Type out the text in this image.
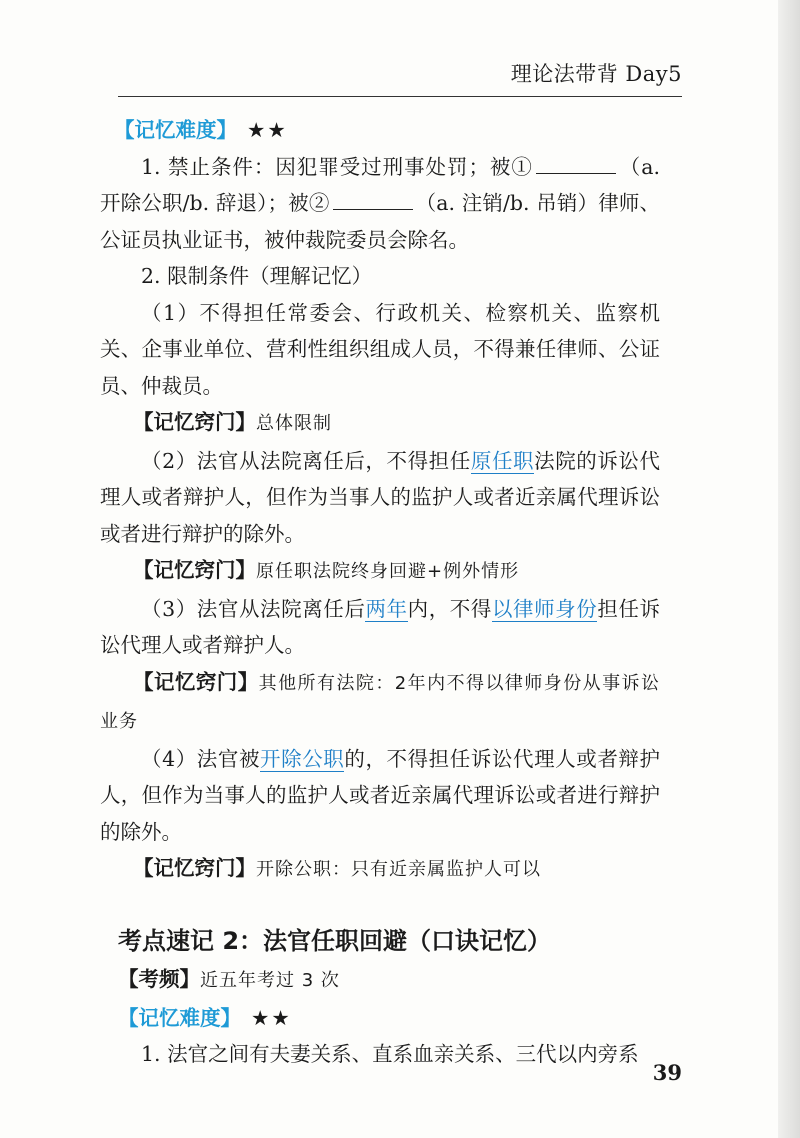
理论法带背 Day5

【记忆难度】 ★★

1. 禁止条件：因犯罪受过刑事处罚；被①	（a. 开除公职/b. 辞退）；被②	（a. 注销/b. 吊销）律师、公证员执业证书，被仲裁院委员会除名。

2. 限制条件（理解记忆）

（1）不得担任常委会、行政机关、检察机关、监察机关、企事业单位、营利性组织组成人员，不得兼任律师、公证员、仲裁员。

【记忆窍门】总体限制

（2）法官从法院离任后，不得担任原任职法院的诉讼代理人或者辩护人，但作为当事人的监护人或者近亲属代理诉讼或者进行辩护的除外。

【记忆窍门】原任职法院终身回避+例外情形

（3）法官从法院离任后两年内，不得以律师身份担任诉讼代理人或者辩护人。

【记忆窍门】其他所有法院：2年内不得以律师身份从事诉讼业务

（4）法官被开除公职的，不得担任诉讼代理人或者辩护人，但作为当事人的监护人或者近亲属代理诉讼或者进行辩护的除外。

【记忆窍门】开除公职：只有近亲属监护人可以

考点速记 2：法官任职回避（口诀记忆）

【考频】近五年考过 3 次

【记忆难度】 ★★

1. 法官之间有夫妻关系、直系血亲关系、三代以内旁系

39
